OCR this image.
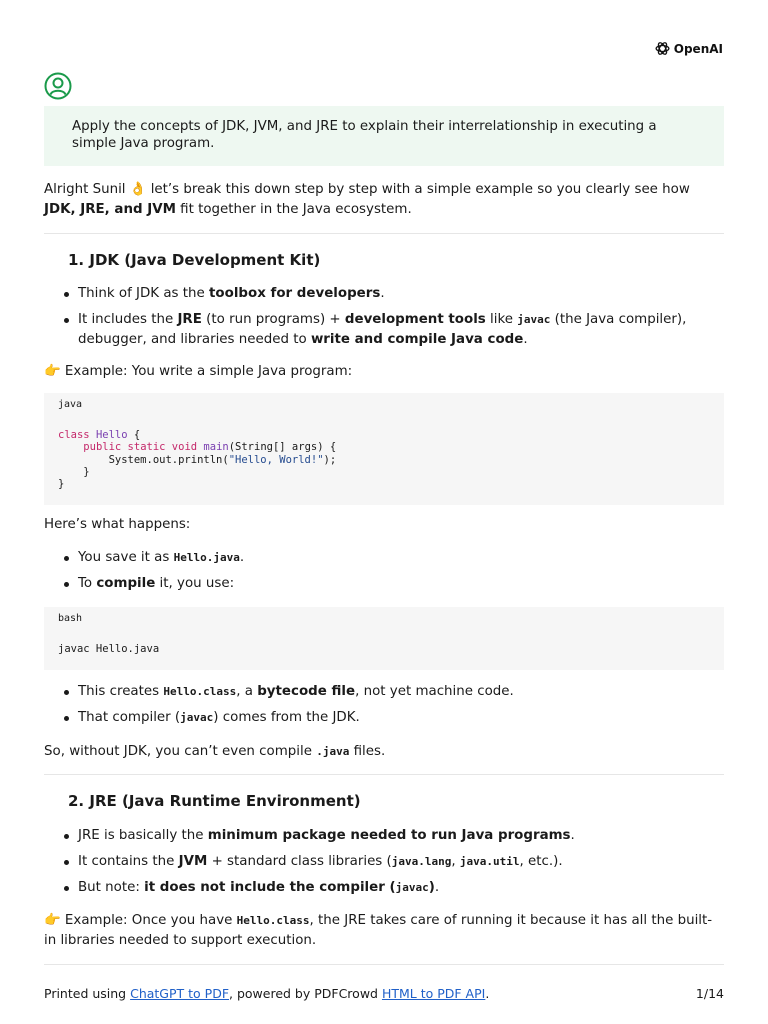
OpenAI
Apply the concepts of JDK, JVM, and JRE to explain their interrelationship in executing a simple Java program.

Alright Sunil 👌 let’s break this down step by step with a simple example so you clearly see how JDK, JRE, and JVM fit together in the Java ecosystem.

1. JDK (Java Development Kit)
Think of JDK as the toolbox for developers.
It includes the JRE (to run programs) + development tools like javac (the Java compiler), debugger, and libraries needed to write and compile Java code.

👉 Example: You write a simple Java program:

java
class Hello {
public static void main(String[] args) {
System.out.println("Hello, World!");
}
}

Here’s what happens:

You save it as Hello.java.
To compile it, you use:
bash
javac Hello.java
This creates Hello.class, a bytecode file, not yet machine code.
That compiler (javac) comes from the JDK.

So, without JDK, you can’t even compile .java files.

2. JRE (Java Runtime Environment)
JRE is basically the minimum package needed to run Java programs.
It contains the JVM + standard class libraries (java.lang, java.util, etc.).
But note: it does not include the compiler (javac).

👉 Example: Once you have Hello.class, the JRE takes care of running it because it has all the built-in libraries needed to support execution.

Printed using ChatGPT to PDF, powered by PDFCrowd HTML to PDF API.	1/14
